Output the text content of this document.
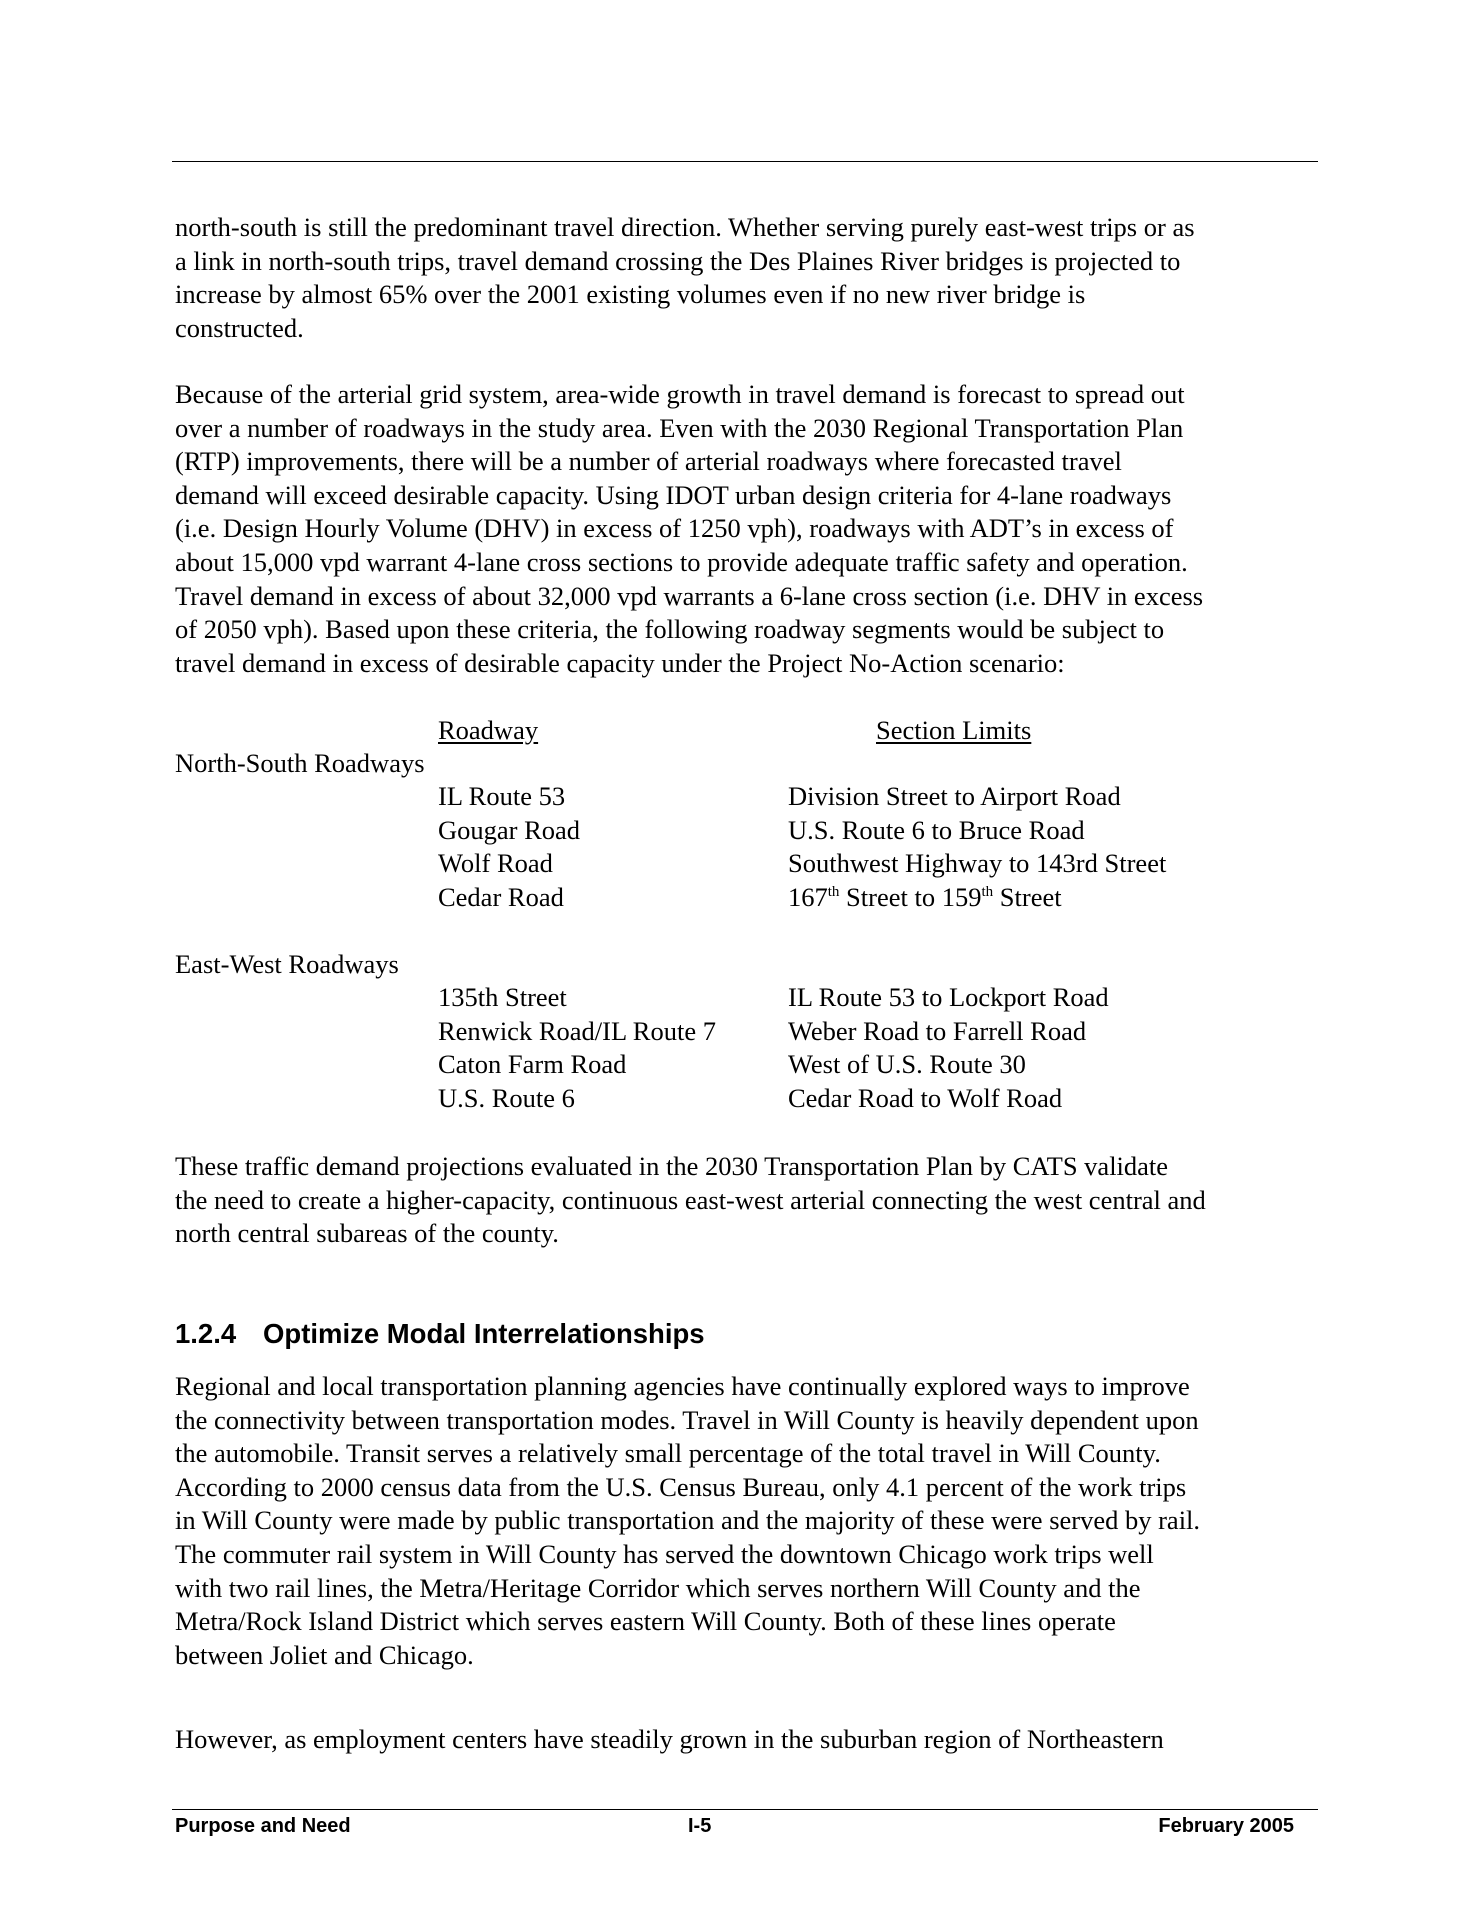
north-south is still the predominant travel direction. Whether serving purely east-west trips or as
a link in north-south trips, travel demand crossing the Des Plaines River bridges is projected to
increase by almost 65% over the 2001 existing volumes even if no new river bridge is
constructed.
Because of the arterial grid system, area-wide growth in travel demand is forecast to spread out
over a number of roadways in the study area. Even with the 2030 Regional Transportation Plan
(RTP) improvements, there will be a number of arterial roadways where forecasted travel
demand will exceed desirable capacity. Using IDOT urban design criteria for 4-lane roadways
(i.e. Design Hourly Volume (DHV) in excess of 1250 vph), roadways with ADT’s in excess of
about 15,000 vpd warrant 4-lane cross sections to provide adequate traffic safety and operation.
Travel demand in excess of about 32,000 vpd warrants a 6-lane cross section (i.e. DHV in excess
of 2050 vph). Based upon these criteria, the following roadway segments would be subject to
travel demand in excess of desirable capacity under the Project No-Action scenario:
Roadway	Section Limits
North-South Roadways
IL Route 53	Division Street to Airport Road
Gougar Road	U.S. Route 6 to Bruce Road
Wolf Road	Southwest Highway to 143rd Street
Cedar Road	167th Street to 159th Street
East-West Roadways
135th Street	IL Route 53 to Lockport Road
Renwick Road/IL Route 7	Weber Road to Farrell Road
Caton Farm Road	West of U.S. Route 30
U.S. Route 6	Cedar Road to Wolf Road
These traffic demand projections evaluated in the 2030 Transportation Plan by CATS validate
the need to create a higher-capacity, continuous east-west arterial connecting the west central and
north central subareas of the county.
1.2.4 Optimize Modal Interrelationships
Regional and local transportation planning agencies have continually explored ways to improve
the connectivity between transportation modes. Travel in Will County is heavily dependent upon
the automobile. Transit serves a relatively small percentage of the total travel in Will County.
According to 2000 census data from the U.S. Census Bureau, only 4.1 percent of the work trips
in Will County were made by public transportation and the majority of these were served by rail.
The commuter rail system in Will County has served the downtown Chicago work trips well
with two rail lines, the Metra/Heritage Corridor which serves northern Will County and the
Metra/Rock Island District which serves eastern Will County. Both of these lines operate
between Joliet and Chicago.
However, as employment centers have steadily grown in the suburban region of Northeastern
Purpose and Need	I-5	February 2005
